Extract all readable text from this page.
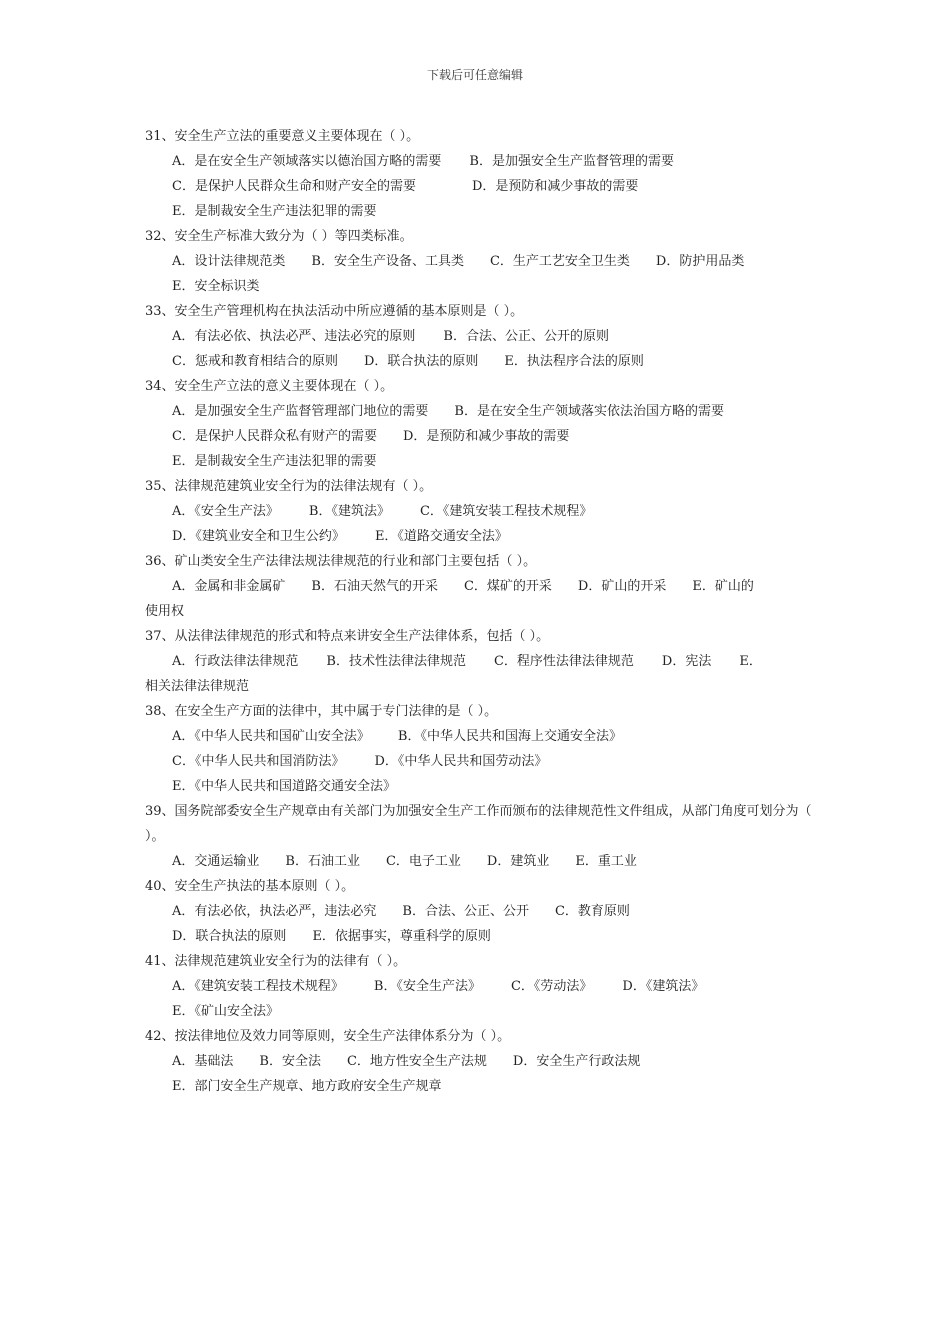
下载后可任意编辑
31、安全生产立法的重要意义主要体现在（ ）。
A．是在安全生产领域落实以德治国方略的需要 B．是加强安全生产监督管理的需要
C．是保护人民群众生命和财产安全的需要	D．是预防和减少事故的需要
E．是制裁安全生产违法犯罪的需要
32、安全生产标准大致分为（ ）等四类标准。
A．设计法律规范类 B．安全生产设备、工具类 C．生产工艺安全卫生类 D．防护用品类
E．安全标识类
33、安全生产管理机构在执法活动中所应遵循的基本原则是（ ）。
A．有法必依、执法必严、违法必究的原则 B．合法、公正、公开的原则
C．惩戒和教育相结合的原则 D．联合执法的原则 E．执法程序合法的原则
34、安全生产立法的意义主要体现在（ ）。
A．是加强安全生产监督管理部门地位的需要 B．是在安全生产领域落实依法治国方略的需要
C．是保护人民群众私有财产的需要 D．是预防和减少事故的需要
E．是制裁安全生产违法犯罪的需要
35、法律规范建筑业安全行为的法律法规有（ ）。
A．《安全生产法》 B．《建筑法》 C．《建筑安装工程技术规程》
D．《建筑业安全和卫生公约》 E．《道路交通安全法》
36、矿山类安全生产法律法规法律规范的行业和部门主要包括（ ）。
A．金属和非金属矿 B．石油天然气的开采 C．煤矿的开采 D．矿山的开采 E．矿山的
使用权
37、从法律法律规范的形式和特点来讲安全生产法律体系，包括（ ）。
A．行政法律法律规范 B．技术性法律法律规范 C．程序性法律法律规范 D．宪法 E．
相关法律法律规范
38、在安全生产方面的法律中，其中属于专门法律的是（ ）。
A．《中华人民共和国矿山安全法》 B．《中华人民共和国海上交通安全法》
C．《中华人民共和国消防法》 D．《中华人民共和国劳动法》
E．《中华人民共和国道路交通安全法》
39、国务院部委安全生产规章由有关部门为加强安全生产工作而颁布的法律规范性文件组成，从部门角度可划分为（ ）。
A．交通运输业 B．石油工业 C．电子工业 D．建筑业 E．重工业
40、安全生产执法的基本原则（ ）。
A．有法必依，执法必严，违法必究 B．合法、公正、公开 C．教育原则
D．联合执法的原则 E．依据事实，尊重科学的原则
41、法律规范建筑业安全行为的法律有（ ）。
A．《建筑安装工程技术规程》 B．《安全生产法》 C．《劳动法》 D．《建筑法》
E．《矿山安全法》
42、按法律地位及效力同等原则，安全生产法律体系分为（ ）。
A．基础法 B．安全法 C．地方性安全生产法规 D．安全生产行政法规
E．部门安全生产规章、地方政府安全生产规章
